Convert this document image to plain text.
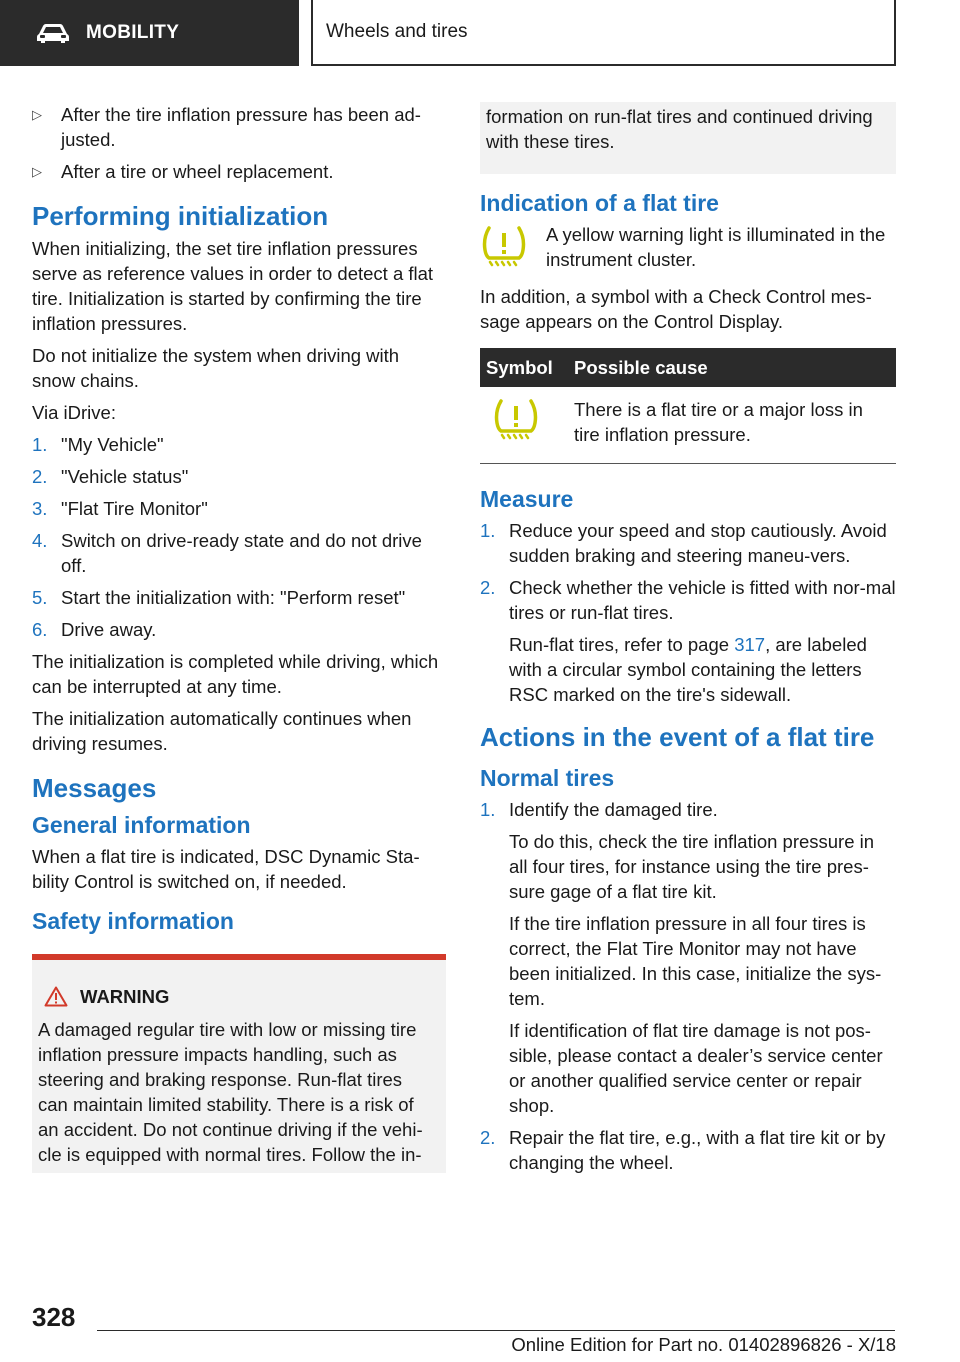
MOBILITY	Wheels and tires
▷ After the tire inflation pressure has been ad-justed.
▷ After a tire or wheel replacement.
Performing initialization

When initializing, the set tire inflation pressures serve as reference values in order to detect a flat tire. Initialization is started by confirming the tire inflation pressures.

Do not initialize the system when driving with snow chains.

Via iDrive:

1. "My Vehicle"
2. "Vehicle status"
3. "Flat Tire Monitor"
4. Switch on drive-ready state and do not drive off.
5. Start the initialization with: "Perform reset"
6. Drive away.

The initialization is completed while driving, which can be interrupted at any time.

The initialization automatically continues when driving resumes.

Messages
General information

When a flat tire is indicated, DSC Dynamic Sta-bility Control is switched on, if needed.

Safety information
WARNING
A damaged regular tire with low or missing tire inflation pressure impacts handling, such as steering and braking response. Run-flat tires can maintain limited stability. There is a risk of an accident. Do not continue driving if the vehi-cle is equipped with normal tires. Follow the in-
formation on run-flat tires and continued driving with these tires.
Indication of a flat tire
A yellow warning light is illuminated in the instrument cluster.

In addition, a symbol with a Check Control mes-sage appears on the Control Display.

Symbol	Possible cause
	There is a flat tire or a major loss in tire inflation pressure.
Measure
1. Reduce your speed and stop cautiously. Avoid sudden braking and steering maneu-vers.
2. Check whether the vehicle is fitted with nor-mal tires or run-flat tires.
Run-flat tires, refer to page 317, are labeled with a circular symbol containing the letters RSC marked on the tire's sidewall.
Actions in the event of a flat tire
Normal tires
1. Identify the damaged tire.
To do this, check the tire inflation pressure in all four tires, for instance using the tire pres-sure gage of a flat tire kit.
If the tire inflation pressure in all four tires is correct, the Flat Tire Monitor may not have been initialized. In this case, initialize the sys-tem.
If identification of flat tire damage is not pos-sible, please contact a dealer’s service center or another qualified service center or repair shop.
2. Repair the flat tire, e.g., with a flat tire kit or by changing the wheel.
328
Online Edition for Part no. 01402896826 - X/18
